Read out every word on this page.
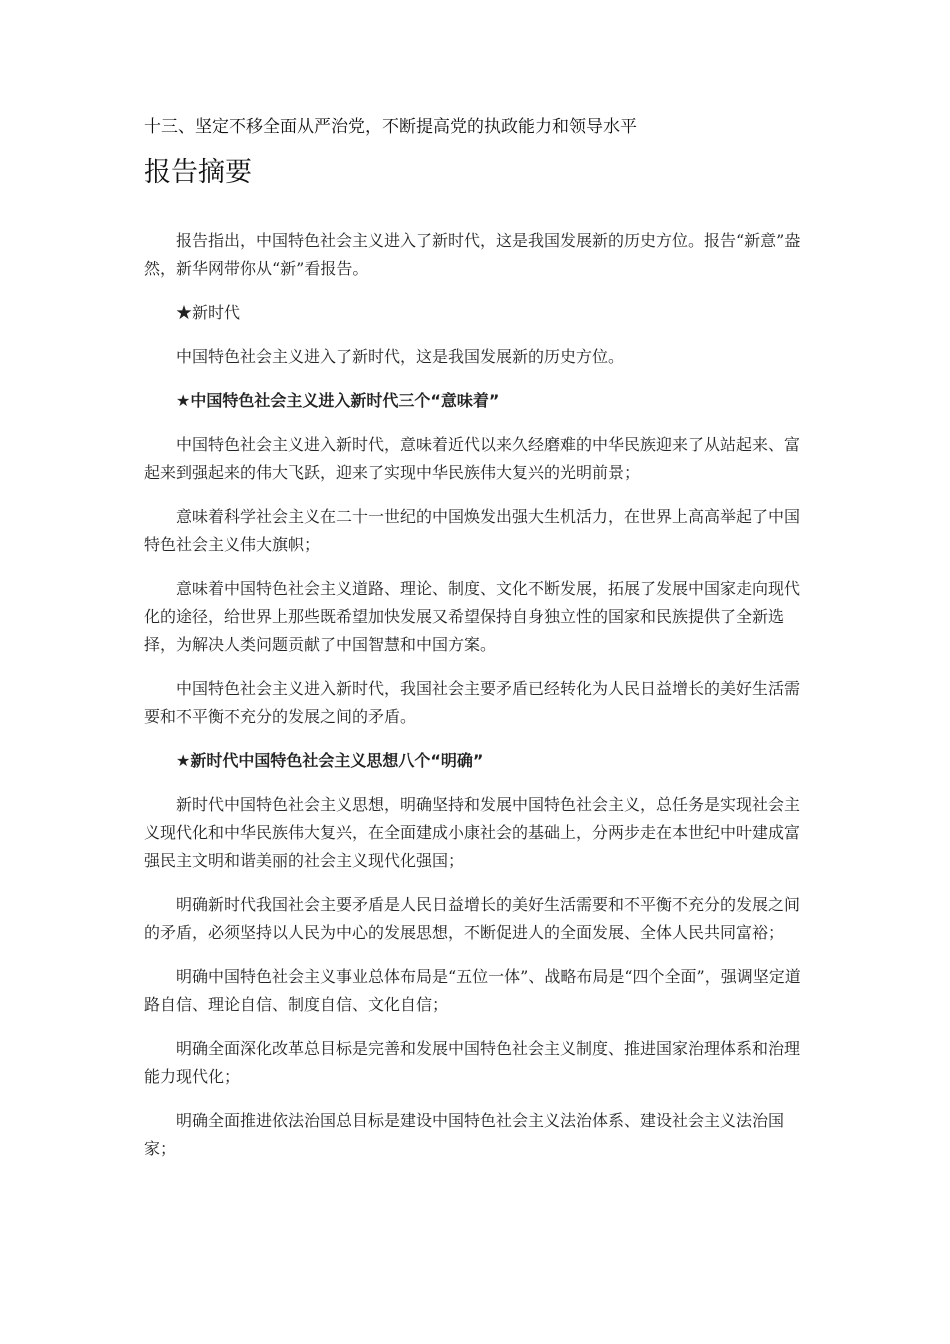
十三、坚定不移全面从严治党，不断提高党的执政能力和领导水平
报告摘要

报告指出，中国特色社会主义进入了新时代，这是我国发展新的历史方位。报告“新意”盎然，新华网带你从“新”看报告。

★新时代

中国特色社会主义进入了新时代，这是我国发展新的历史方位。

★中国特色社会主义进入新时代三个“意味着”

中国特色社会主义进入新时代，意味着近代以来久经磨难的中华民族迎来了从站起来、富起来到强起来的伟大飞跃，迎来了实现中华民族伟大复兴的光明前景；

意味着科学社会主义在二十一世纪的中国焕发出强大生机活力，在世界上高高举起了中国特色社会主义伟大旗帜；

意味着中国特色社会主义道路、理论、制度、文化不断发展，拓展了发展中国家走向现代化的途径，给世界上那些既希望加快发展又希望保持自身独立性的国家和民族提供了全新选择，为解决人类问题贡献了中国智慧和中国方案。

中国特色社会主义进入新时代，我国社会主要矛盾已经转化为人民日益增长的美好生活需要和不平衡不充分的发展之间的矛盾。

★新时代中国特色社会主义思想八个“明确”

新时代中国特色社会主义思想，明确坚持和发展中国特色社会主义，总任务是实现社会主义现代化和中华民族伟大复兴，在全面建成小康社会的基础上，分两步走在本世纪中叶建成富强民主文明和谐美丽的社会主义现代化强国；

明确新时代我国社会主要矛盾是人民日益增长的美好生活需要和不平衡不充分的发展之间的矛盾，必须坚持以人民为中心的发展思想，不断促进人的全面发展、全体人民共同富裕；

明确中国特色社会主义事业总体布局是“五位一体”、战略布局是“四个全面”，强调坚定道路自信、理论自信、制度自信、文化自信；

明确全面深化改革总目标是完善和发展中国特色社会主义制度、推进国家治理体系和治理能力现代化；

明确全面推进依法治国总目标是建设中国特色社会主义法治体系、建设社会主义法治国家；
